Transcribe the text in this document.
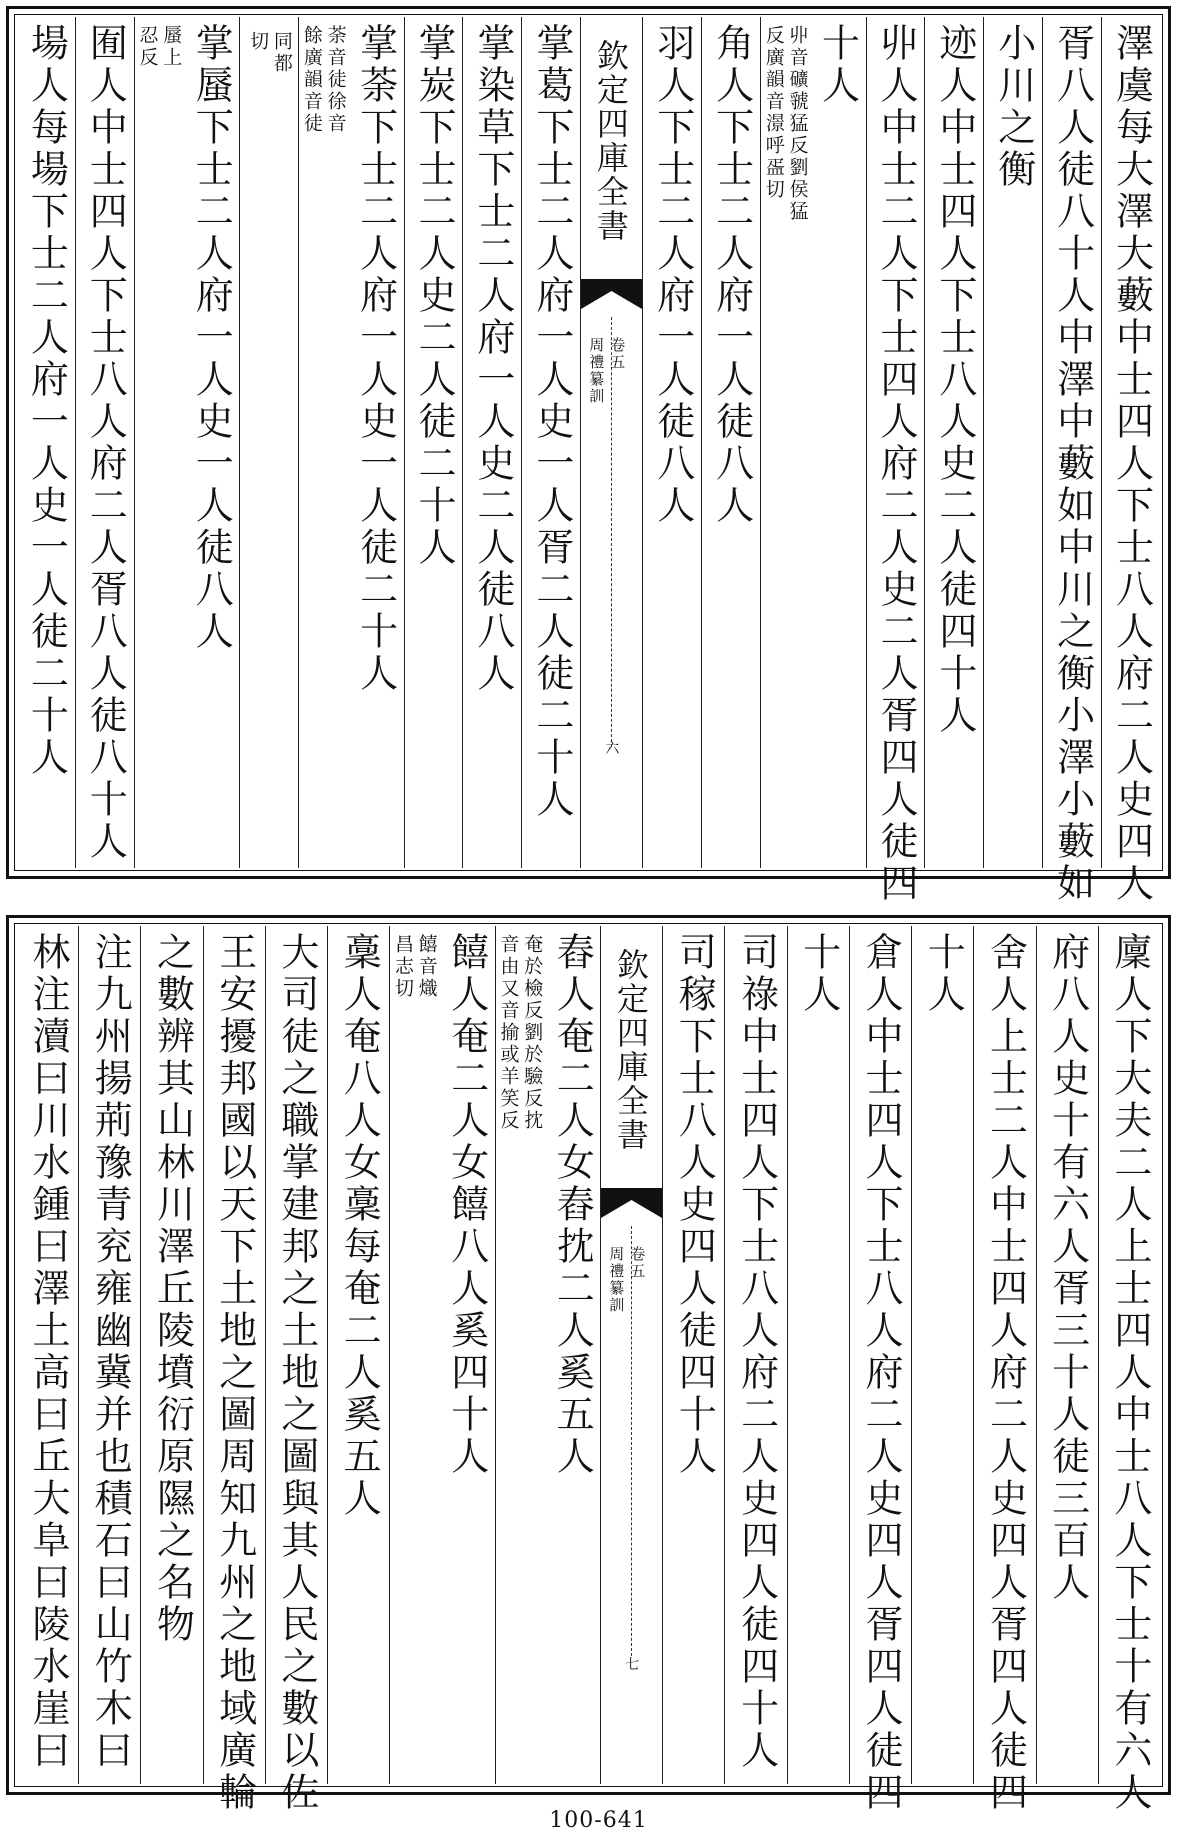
澤虞每大澤大藪中士四人下士八人府二人史四人
胥八人徒八十人中澤中藪如中川之衡小澤小藪如
小川之衡
迹人中士四人下士八人史二人徒四十人
丱人中士二人下士四人府二人史二人胥四人徒四
十人
丱音礦虢猛反劉侯猛
反廣韻音澋呼㿿切
角人下士二人府一人徒八人
羽人下士二人府一人徒八人
欽定四庫全書
周禮纂訓 卷五
六
掌葛下士二人府一人史一人胥二人徒二十人
掌染草下士二人府一人史二人徒八人
掌炭下士二人史二人徒二十人
掌荼下士二人府一人史一人徒二十人
荼音徒徐音
餘廣韻音徒
同都
切
掌蜃下士二人府一人史一人徒八人
蜃上
忍反
囿人中士四人下士八人府二人胥八人徒八十人
場人每場下士二人府一人史一人徒二十人
廩人下大夫二人上士四人中士八人下士十有六人
府八人史十有六人胥三十人徒三百人
舍人上士二人中士四人府二人史四人胥四人徒四
十人
倉人中士四人下士八人府二人史四人胥四人徒四
十人
司祿中士四人下士八人府二人史四人徒四十人
司稼下士八人史四人徒四十人
欽定四庫全書
周禮纂訓 卷五
七
舂人奄二人女舂抌二人奚五人
奄於檢反劉於驗反抌
音由又音揄或羊笑反
饎人奄二人女饎八人奚四十人
饎音熾
昌志切
稾人奄八人女稾每奄二人奚五人
大司徒之職掌建邦之土地之圖與其人民之數以佐
王安擾邦國以天下土地之圖周知九州之地域廣輪
之數辨其山林川澤丘陵墳衍原隰之名物
注九州揚荊豫青兖雍幽冀并也積石曰山竹木曰
林注瀆曰川水鍾曰澤土高曰丘大阜曰陵水崖曰
100-641
